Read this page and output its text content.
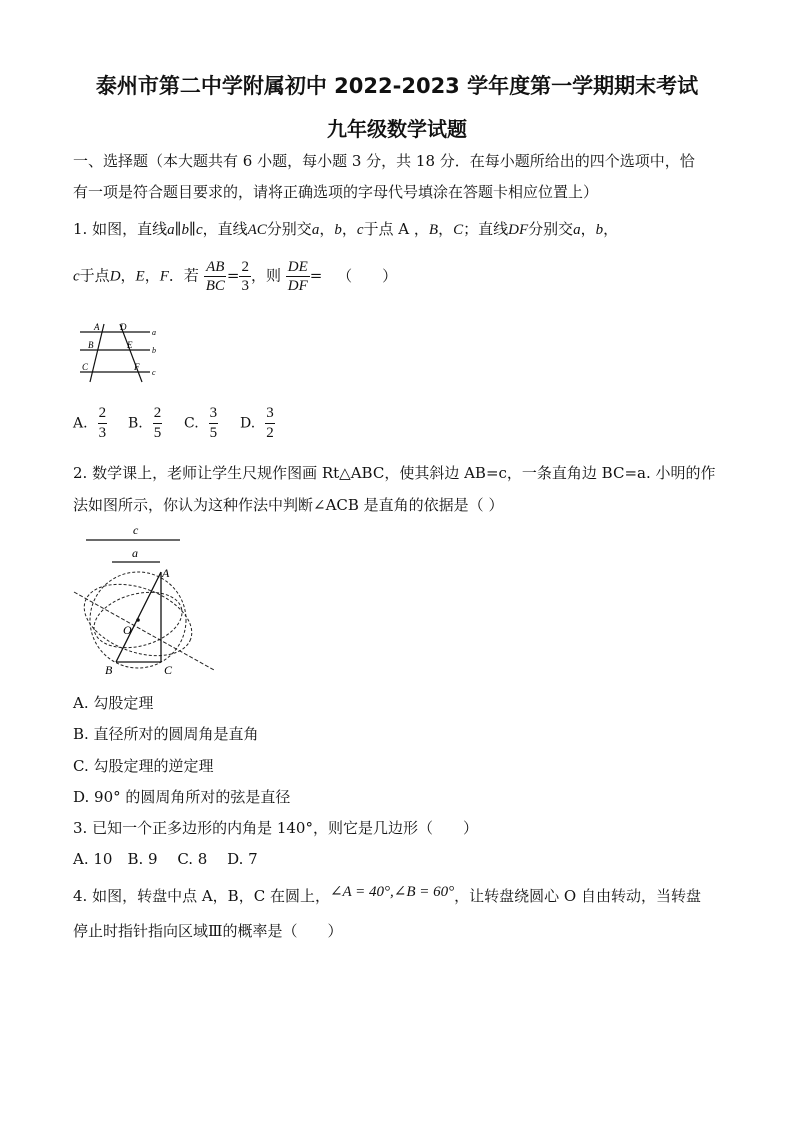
泰州市第二中学附属初中 2022-2023 学年度第一学期期末考试
九年级数学试题
一、选择题（本大题共有 6 小题，每小题 3 分，共 18 分．在每小题所给出的四个选项中，恰
有一项是符合题目要求的，请将正确选项的字母代号填涂在答题卡相应位置上）
1. 如图，直线a∥b∥c，直线AC分别交a，b，c于点 A ，B，C；直线DF分别交a，b，
c于点D，E，F．若 $\frac{AB}{BC} = \frac{2}{3}$ ，则 $\frac{DE}{DF}$ = （　　）
A D
B	E
C	F
a
b
c
A. $\frac{2}{3} B$. $\frac{2}{5} C$. $\frac{3}{5} D$. $\frac{3}{2}$
2. 数学课上，老师让学生尺规作图画 Rt△ABC，使其斜边 AB=c，一条直角边 BC=a. 小明的作
法如图所示，你认为这种作法中判断∠ACB 是直角的依据是（ ）
c
a
A
O
B	C
A. 勾股定理
B. 直径所对的圆周角是直角
C. 勾股定理的逆定理
D. 90° 的圆周角所对的弦是直径
3. 已知一个正多边形的内角是 140°，则它是几边形（　　）
A. 10　B. 9　 C. 8　 D. 7
4. 如图，转盘中点 A，B，C 在圆上，∠A = 40°,∠B = 60°，让转盘绕圆心 O 自由转动，当转盘
停止时指针指向区域Ⅲ的概率是（　　）
